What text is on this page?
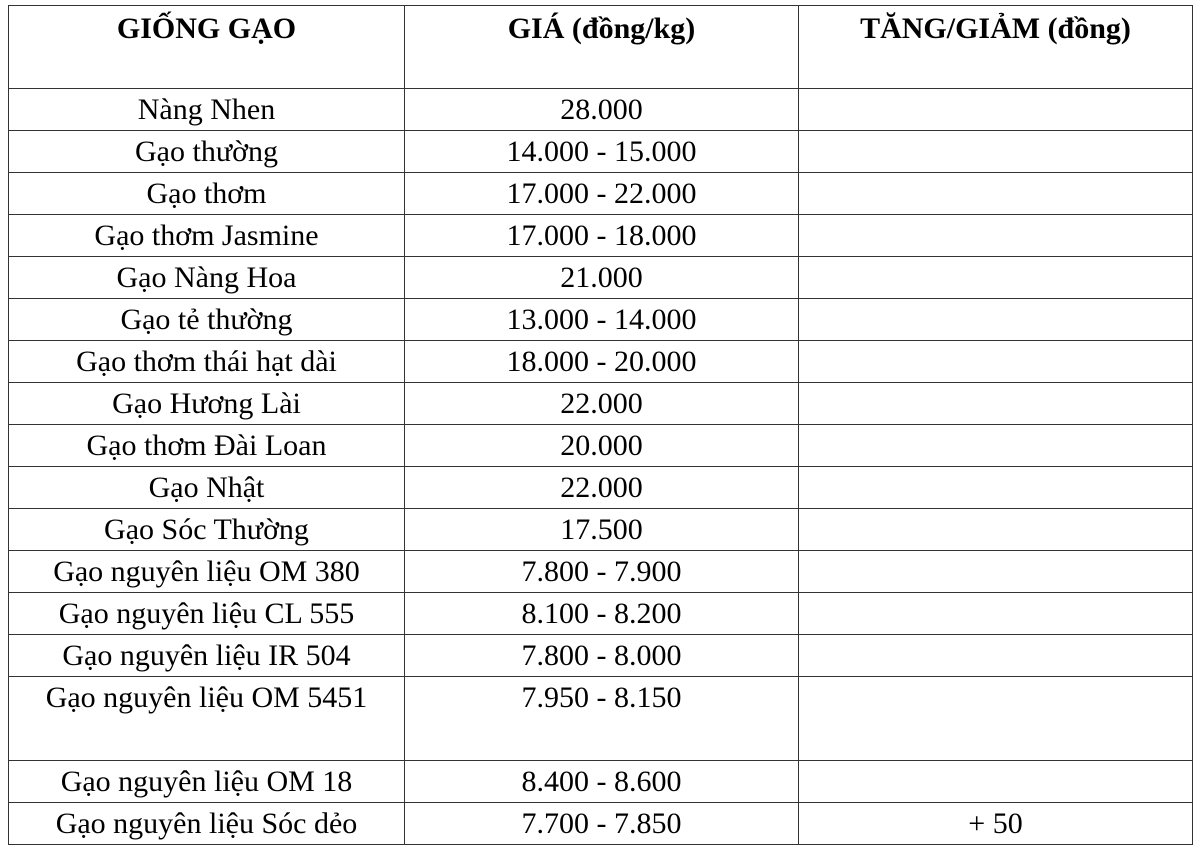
GIỐNG GẠO	GIÁ (đồng/kg)	TĂNG/GIẢM (đồng)
Nàng Nhen	28.000	
Gạo thường	14.000 - 15.000	
Gạo thơm	17.000 - 22.000	
Gạo thơm Jasmine	17.000 - 18.000	
Gạo Nàng Hoa	21.000	
Gạo tẻ thường	13.000 - 14.000	
Gạo thơm thái hạt dài	18.000 - 20.000	
Gạo Hương Lài	22.000	
Gạo thơm Đài Loan	20.000	
Gạo Nhật	22.000	
Gạo Sóc Thường	17.500	
Gạo nguyên liệu OM 380	7.800 - 7.900	
Gạo nguyên liệu CL 555	8.100 - 8.200	
Gạo nguyên liệu IR 504	7.800 - 8.000	
Gạo nguyên liệu OM 5451	7.950 - 8.150	
Gạo nguyên liệu OM 18	8.400 - 8.600	
Gạo nguyên liệu Sóc dẻo	7.700 - 7.850	+ 50
